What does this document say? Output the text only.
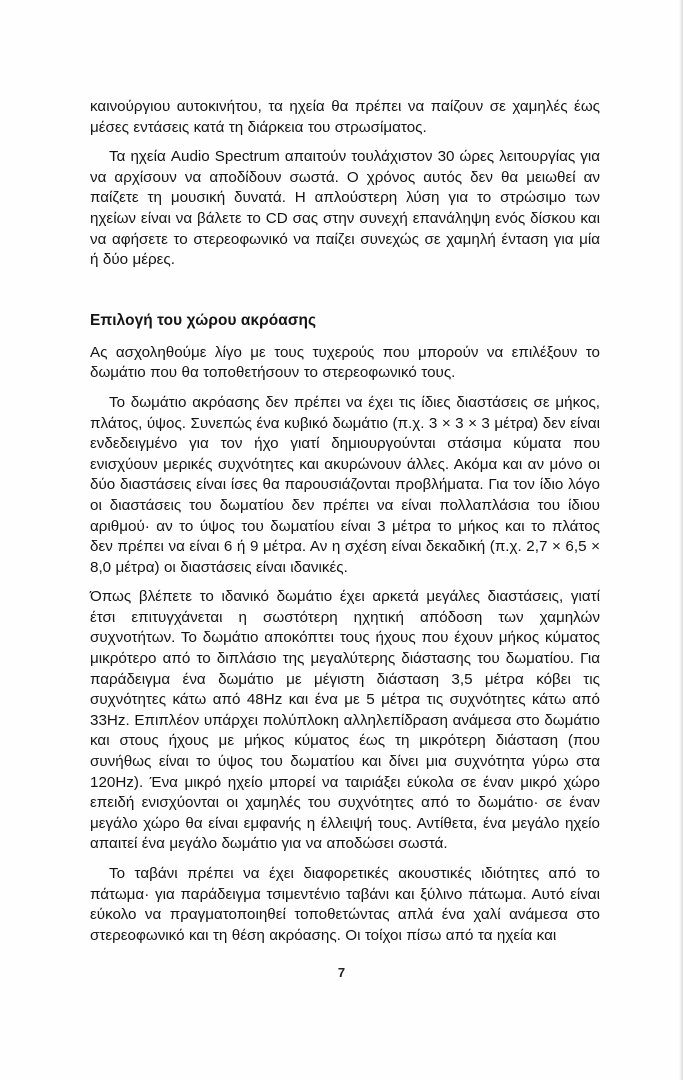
καινούργιου αυτοκινήτου, τα ηχεία θα πρέπει να παίζουν σε χαμηλές έως μέσες εντάσεις κατά τη διάρκεια του στρωσίματος.

Τα ηχεία Audio Spectrum απαιτούν τουλάχιστον 30 ώρες λειτουργίας για να αρχίσουν να αποδίδουν σωστά. Ο χρόνος αυτός δεν θα μειωθεί αν παίζετε τη μουσική δυνατά. Η απλούστερη λύση για το στρώσιμο των ηχείων είναι να βάλετε το CD σας στην συνεχή επανάληψη ενός δίσκου και να αφήσετε το στερεοφωνικό να παίζει συνεχώς σε χαμηλή ένταση για μία ή δύο μέρες.

Επιλογή του χώρου ακρόασης

Ας ασχοληθούμε λίγο με τους τυχερούς που μπορούν να επιλέξουν το δωμάτιο που θα τοποθετήσουν το στερεοφωνικό τους.

Το δωμάτιο ακρόασης δεν πρέπει να έχει τις ίδιες διαστάσεις σε μήκος, πλάτος, ύψος. Συνεπώς ένα κυβικό δωμάτιο (π.χ. 3 × 3 × 3 μέτρα) δεν είναι ενδεδειγμένο για τον ήχο γιατί δημιουργούνται στάσιμα κύματα που ενισχύουν μερικές συχνότητες και ακυρώνουν άλλες. Ακόμα και αν μόνο οι δύο διαστάσεις είναι ίσες θα παρουσιάζονται προβλήματα. Για τον ίδιο λόγο οι διαστάσεις του δωματίου δεν πρέπει να είναι πολλαπλάσια του ίδιου αριθμού· αν το ύψος του δωματίου είναι 3 μέτρα το μήκος και το πλάτος δεν πρέπει να είναι 6 ή 9 μέτρα. Αν η σχέση είναι δεκαδική (π.χ. 2,7 × 6,5 × 8,0 μέτρα) οι διαστάσεις είναι ιδανικές.

Όπως βλέπετε το ιδανικό δωμάτιο έχει αρκετά μεγάλες διαστάσεις, γιατί έτσι επιτυγχάνεται η σωστότερη ηχητική απόδοση των χαμηλών συχνοτήτων. Το δωμάτιο αποκόπτει τους ήχους που έχουν μήκος κύματος μικρότερο από το διπλάσιο της μεγαλύτερης διάστασης του δωματίου. Για παράδειγμα ένα δωμάτιο με μέγιστη διάσταση 3,5 μέτρα κόβει τις συχνότητες κάτω από 48Hz και ένα με 5 μέτρα τις συχνότητες κάτω από 33Hz. Επιπλέον υπάρχει πολύπλοκη αλληλεπίδραση ανάμεσα στο δωμάτιο και στους ήχους με μήκος κύματος έως τη μικρότερη διάσταση (που συνήθως είναι το ύψος του δωματίου και δίνει μια συχνότητα γύρω στα 120Hz). Ένα μικρό ηχείο μπορεί να ταιριάξει εύκολα σε έναν μικρό χώρο επειδή ενισχύονται οι χαμηλές του συχνότητες από το δωμάτιο· σε έναν μεγάλο χώρο θα είναι εμφανής η έλλειψή τους. Αντίθετα, ένα μεγάλο ηχείο απαιτεί ένα μεγάλο δωμάτιο για να αποδώσει σωστά.

Το ταβάνι πρέπει να έχει διαφορετικές ακουστικές ιδιότητες από το πάτωμα· για παράδειγμα τσιμεντένιο ταβάνι και ξύλινο πάτωμα. Αυτό είναι εύκολο να πραγματοποιηθεί τοποθετώντας απλά ένα χαλί ανάμεσα στο στερεοφωνικό και τη θέση ακρόασης. Οι τοίχοι πίσω από τα ηχεία και

7
